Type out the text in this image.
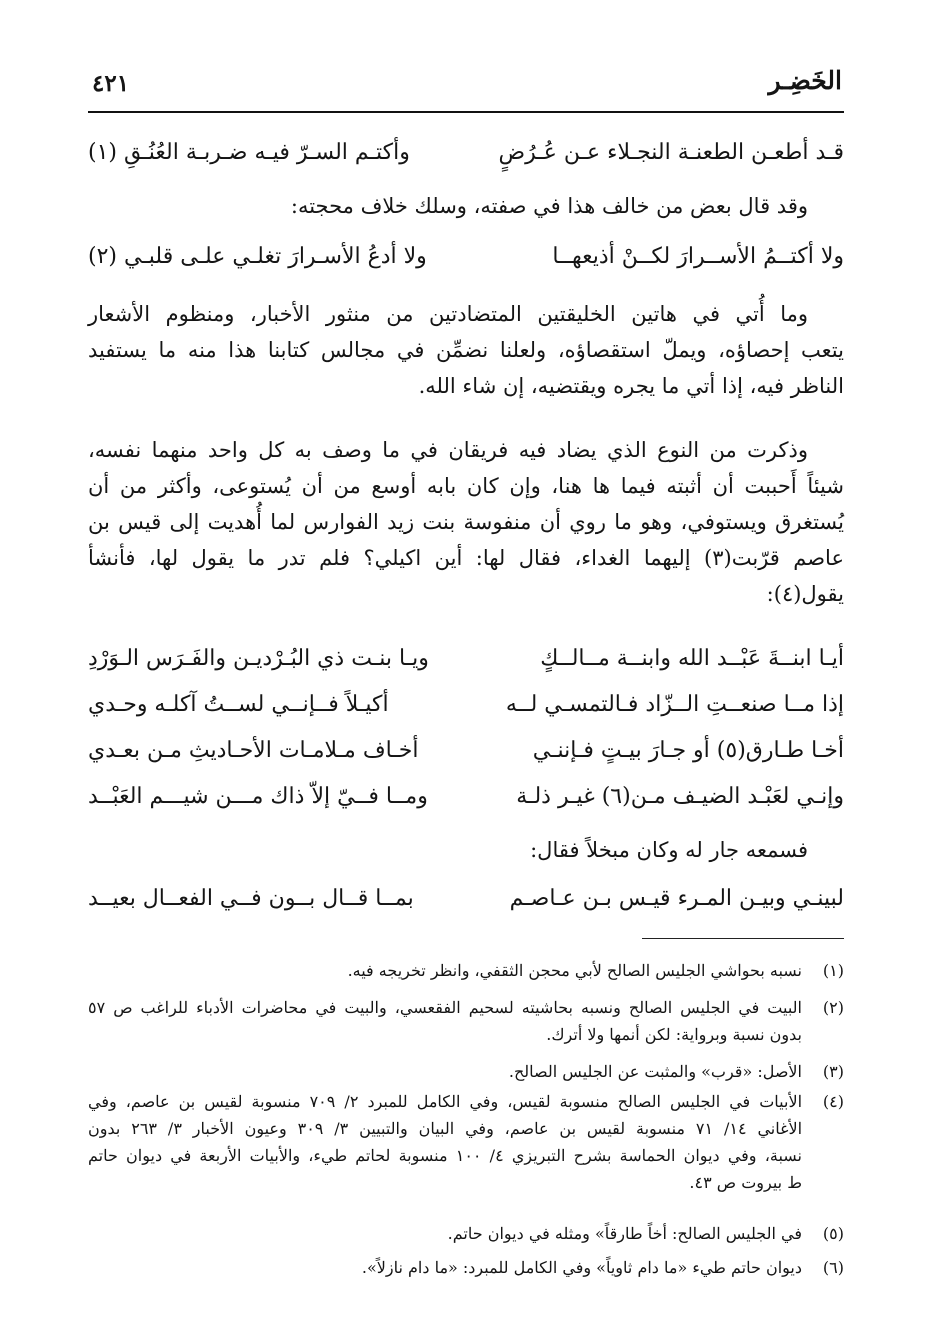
الخَضِـر
٤٢١
قـد أطعـن الطعنـة النجـلاء عـن عُـرُضٍ
وأكتـم السـرّ فيـه ضـربـة العُنُـقِ (١)
وقد قال بعض من خالف هذا في صفته، وسلك خلاف محجته:
ولا أكتــمُ الأســرارَ لكــنْ أذيعهــا
ولا أدعُ الأسـرارَ تغلـي علـى قلبـي (٢)
وما أُتي في هاتين الخليقتين المتضادتين من منثور الأخبار، ومنظوم الأشعار
يتعب إحصاؤه، ويملّ استقصاؤه، ولعلنا نضمِّن في مجالس كتابنا هذا منه ما يستفيد
الناظر فيه، إذا أتي ما يجره ويقتضيه، إن شاء الله.
وذكرت من النوع الذي يضاد فيه فريقان في ما وصف به كل واحد منهما نفسه،
شيئاً أَحببت أن أثبته فيما ها هنا، وإن كان بابه أوسع من أن يُستوعى، وأكثر من أن
يُستغرق ويستوفي، وهو ما روي أن منفوسة بنت زيد الفوارس لما أُهديت إلى قيس بن
عاصم قرّبت(٣) إليهما الغداء، فقال لها: أين اكيلي؟ فلم تدر ما يقول لها، فأنشأ
يقول(٤):
أيـا ابنــةَ عَبْــد الله وابنــة مــالــكٍ
ويـا بنـت ذي البُـرْديـن والفَـرَس الـوَرْدِ
إذا مــا صنعــتِ الــزّاد فـالتمسـي لــه
أكيـلاً فــإنــي لســتُ آكلـه وحـدي
أخـا طـارق(٥) أو جـارَ بيـتٍ فـإننـي
أخـاف مـلامـات الأحـاديثِ مـن بعـدي
وإنـي لعَبْـد الضيـف مـن(٦) غيـر ذلـة
ومــا فــيّ إلاّ ذاك مـــن شيـــم العَبْــد
فسمعه جار له وكان مبخلاً فقال:
لبينـي وبيـن المـرء قيـس بـن عـاصـم
بمــا قــال بــون فــي الفعــال بعيــد
(١)
نسبه بحواشي الجليس الصالح لأبي محجن الثقفي، وانظر تخريجه فيه.
(٢)
البيت في الجليس الصالح ونسبه بحاشيته لسحيم الفقعسي، والبيت في محاضرات الأدباء للراغب ص ٥٧
بدون نسبة وبرواية: لكن أنمها ولا أترك.
(٣)
الأصل: «قرب» والمثبت عن الجليس الصالح.
(٤)
الأبيات في الجليس الصالح منسوبة لقيس، وفي الكامل للمبرد ٢/ ٧٠٩ منسوبة لقيس بن عاصم، وفي
الأغاني ١٤/ ٧١ منسوبة لقيس بن عاصم، وفي البيان والتبيين ٣/ ٣٠٩ وعيون الأخبار ٣/ ٢٦٣ بدون
نسبة، وفي ديوان الحماسة بشرح التبريزي ٤/ ١٠٠ منسوبة لحاتم طيء، والأبيات الأربعة في ديوان حاتم
ط بيروت ص ٤٣.
(٥)
في الجليس الصالح: أخاً طارقاً» ومثله في ديوان حاتم.
(٦)
ديوان حاتم طيء «ما دام ثاوياً» وفي الكامل للمبرد: «ما دام نازلاً».
